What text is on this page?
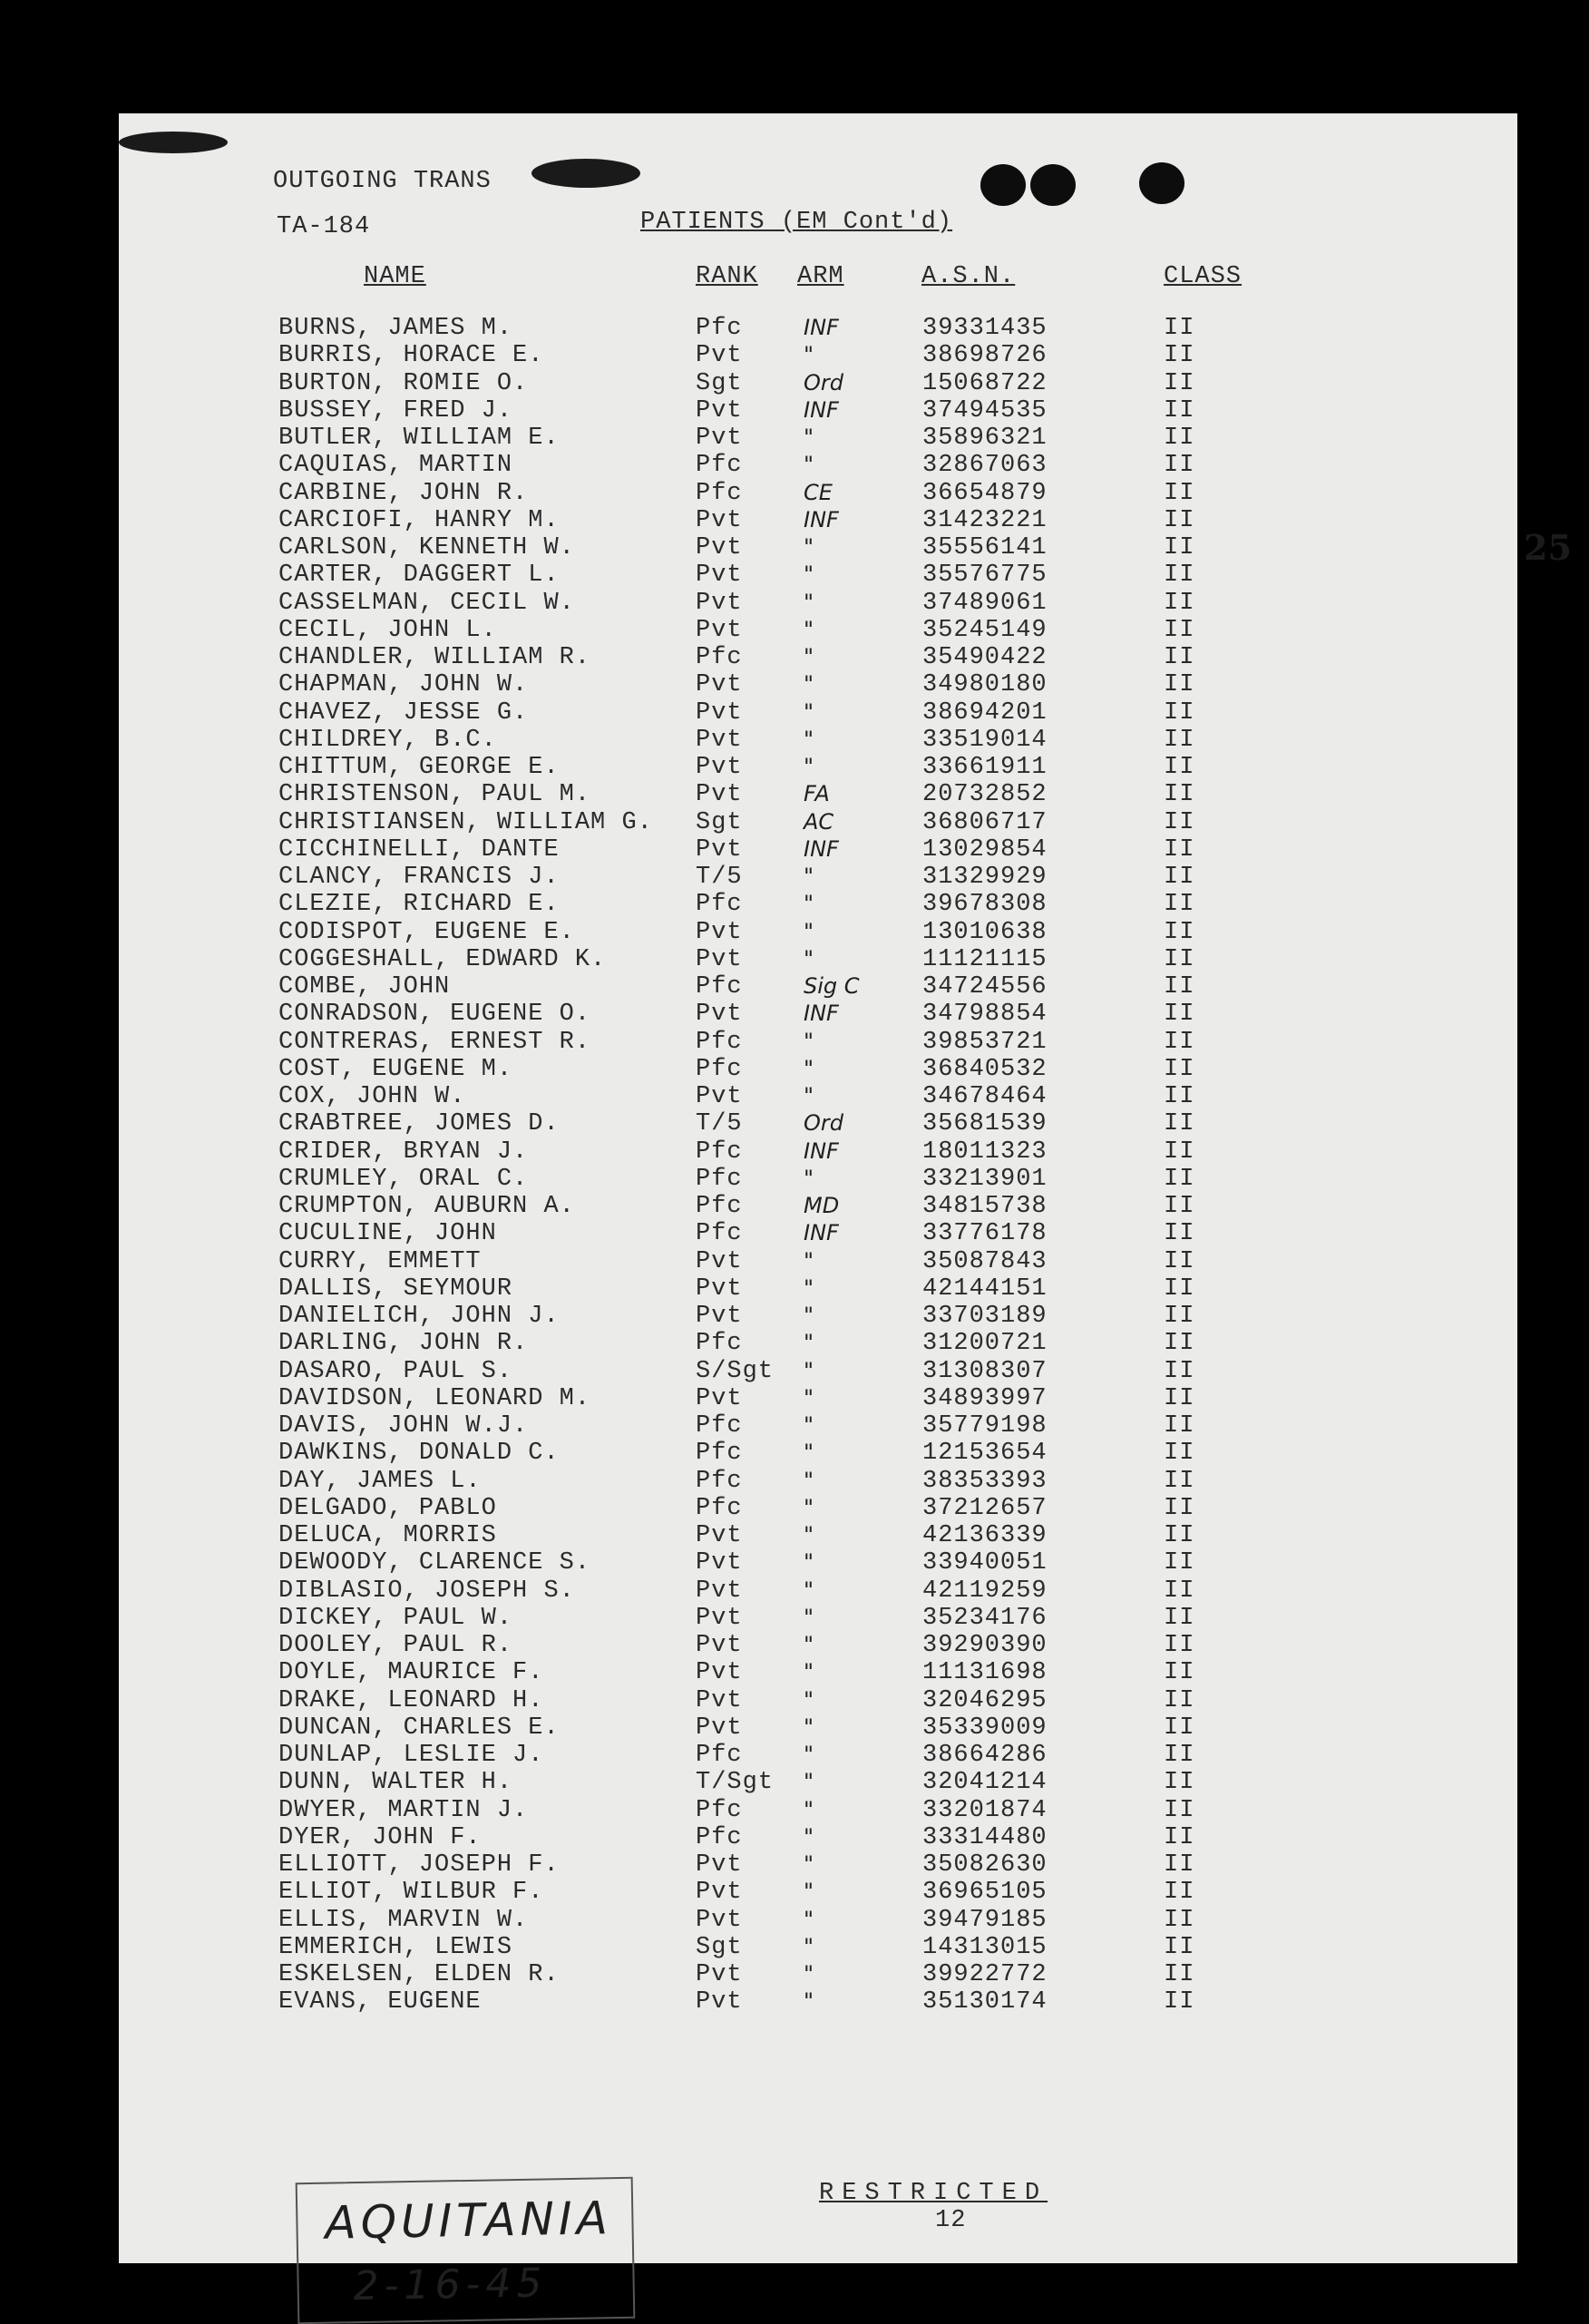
OUTGOING TRANS
TA-184	PATIENTS (EM Cont'd)
NAME	RANK ARM	A.S.N.	CLASS
BURNS, JAMES M.	Pfc	INF	39331435	II
BURRIS, HORACE E.	Pvt	"	38698726	II
BURTON, ROMIE O.	Sgt	Ord	15068722	II
BUSSEY, FRED J.	Pvt	INF	37494535	II
BUTLER, WILLIAM E.	Pvt	"	35896321	II
CAQUIAS, MARTIN	Pfc	"	32867063	II
CARBINE, JOHN R.	Pfc	CE	36654879	II
CARCIOFI, HANRY M.	Pvt	INF	31423221	II
CARLSON, KENNETH W.	Pvt	"	35556141	II
CARTER, DAGGERT L.	Pvt	"	35576775	II
CASSELMAN, CECIL W.	Pvt	"	37489061	II
CECIL, JOHN L.	Pvt	"	35245149	II
CHANDLER, WILLIAM R.	Pfc	"	35490422	II
CHAPMAN, JOHN W.	Pvt	"	34980180	II
CHAVEZ, JESSE G.	Pvt	"	38694201	II
CHILDREY, B.C.	Pvt	"	33519014	II
CHITTUM, GEORGE E.	Pvt	"	33661911	II
CHRISTENSON, PAUL M.	Pvt	FA	20732852	II
CHRISTIANSEN, WILLIAM G. Sgt	AC	36806717	II
CICCHINELLI, DANTE	Pvt	INF	13029854	II
CLANCY, FRANCIS J.	T/5	"	31329929	II
CLEZIE, RICHARD E.	Pfc	"	39678308	II
CODISPOT, EUGENE E.	Pvt	"	13010638	II
COGGESHALL, EDWARD K.	Pvt	"	11121115	II
COMBE, JOHN	Pfc	Sig C	34724556	II
CONRADSON, EUGENE O.	Pvt	INF	34798854	II
CONTRERAS, ERNEST R.	Pfc	"	39853721	II
COST, EUGENE M.	Pfc	"	36840532	II
COX, JOHN W.	Pvt	"	34678464	II
CRABTREE, JOMES D.	T/5	Ord	35681539	II
CRIDER, BRYAN J.	Pfc	INF	18011323	II
CRUMLEY, ORAL C.	Pfc	"	33213901	II
CRUMPTON, AUBURN A.	Pfc	MD	34815738	II
CUCULINE, JOHN	Pfc	INF	33776178	II
CURRY, EMMETT	Pvt	"	35087843	II
DALLIS, SEYMOUR	Pvt	"	42144151	II
DANIELICH, JOHN J.	Pvt	"	33703189	II
DARLING, JOHN R.	Pfc	"	31200721	II
DASARO, PAUL S.	S/Sgt "	31308307	II
DAVIDSON, LEONARD M.	Pvt	"	34893997	II
DAVIS, JOHN W.J.	Pfc	"	35779198	II
DAWKINS, DONALD C.	Pfc	"	12153654	II
DAY, JAMES L.	Pfc	"	38353393	II
DELGADO, PABLO	Pfc	"	37212657	II
DELUCA, MORRIS	Pvt	"	42136339	II
DEWOODY, CLARENCE S.	Pvt	"	33940051	II
DIBLASIO, JOSEPH S.	Pvt	"	42119259	II
DICKEY, PAUL W.	Pvt	"	35234176	II
DOOLEY, PAUL R.	Pvt	"	39290390	II
DOYLE, MAURICE F.	Pvt	"	11131698	II
DRAKE, LEONARD H.	Pvt	"	32046295	II
DUNCAN, CHARLES E.	Pvt	"	35339009	II
DUNLAP, LESLIE J.	Pfc	"	38664286	II
DUNN, WALTER H.	T/Sgt "	32041214	II
DWYER, MARTIN J.	Pfc	"	33201874	II
DYER, JOHN F.	Pfc	"	33314480	II
ELLIOTT, JOSEPH F.	Pvt	"	35082630	II
ELLIOT, WILBUR F.	Pvt	"	36965105	II
ELLIS, MARVIN W.	Pvt	"	39479185	II
EMMERICH, LEWIS	Sgt	"	14313015	II
ESKELSEN, ELDEN R.	Pvt	"	39922772	II
EVANS, EUGENE	Pvt	"	35130174	II
RESTRICTED
12
AQUITANIA
2-16-45
25
